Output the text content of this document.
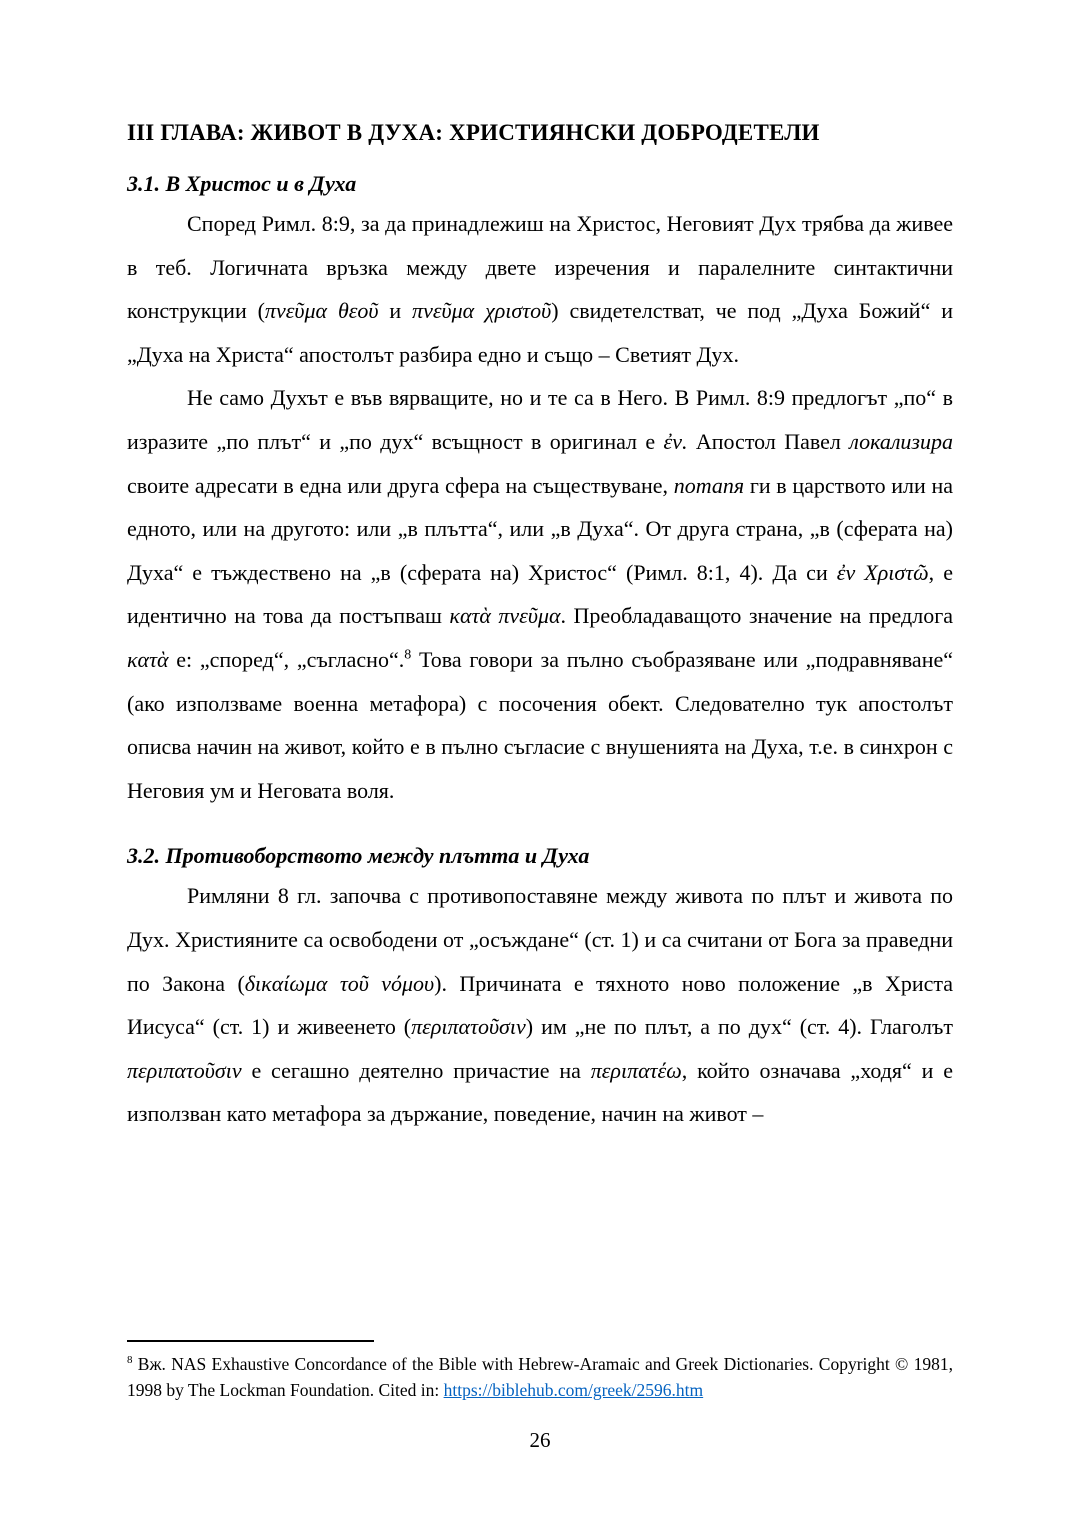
III ГЛАВА: ЖИВОТ В ДУХА: ХРИСТИЯНСКИ ДОБРОДЕТЕЛИ
3.1. В Христос и в Духа

Според Римл. 8:9, за да принадлежиш на Христос, Неговият Дух трябва да живее в теб. Логичната връзка между двете изречения и паралелните синтактични конструкции (πνεῦμα θεοῦ и πνεῦμα χριστοῦ) свидетелстват, че под „Духа Божий“ и „Духа на Христа“ апостолът разбира едно и също – Светият Дух.

Не само Духът е във вярващите, но и те са в Него. В Римл. 8:9 предлогът „по“ в изразите „по плът“ и „по дух“ всъщност в оригинал е ἐν. Апостол Павел локализира своите адресати в една или друга сфера на съществуване, потапя ги в царството или на едното, или на другото: или „в плътта“, или „в Духа“. От друга страна, „в (сферата на) Духа“ е тъждествено на „в (сферата на) Христос“ (Римл. 8:1, 4). Да си ἐν Χριστῶ, е идентично на това да постъпваш κατὰ πνεῦμα. Преобладаващото значение на предлога κατὰ е: „според“, „съгласно“.$^8$ Това говори за пълно съобразяване или „подравняване“ (ако използваме военна метафора) с посочения обект. Следователно тук апостолът описва начин на живот, който е в пълно съгласие с внушенията на Духа, т.е. в синхрон с Неговия ум и Неговата воля.

3.2. Противоборството между плътта и Духа

Римляни 8 гл. започва с противопоставяне между живота по плът и живота по Дух. Християните са освободени от „осъждане“ (ст. 1) и са считани от Бога за праведни по Закона (δικαίωμα τοῦ νόμου). Причината е тяхното ново положение „в Христа Иисуса“ (ст. 1) и живеенето (περιπατοῦσιν) им „не по плът, а по дух“ (ст. 4). Глаголът περιπατοῦσιν е сегашно деятелно причастие на περιπατέω, който означава „ходя“ и е използван като метафора за държание, поведение, начин на живот –

$^8$ Вж. NAS Exhaustive Concordance of the Bible with Hebrew-Aramaic and Greek Dictionaries. Copyright © 1981, 1998 by The Lockman Foundation. Cited in: https://biblehub.com/greek/2596.htm
26
